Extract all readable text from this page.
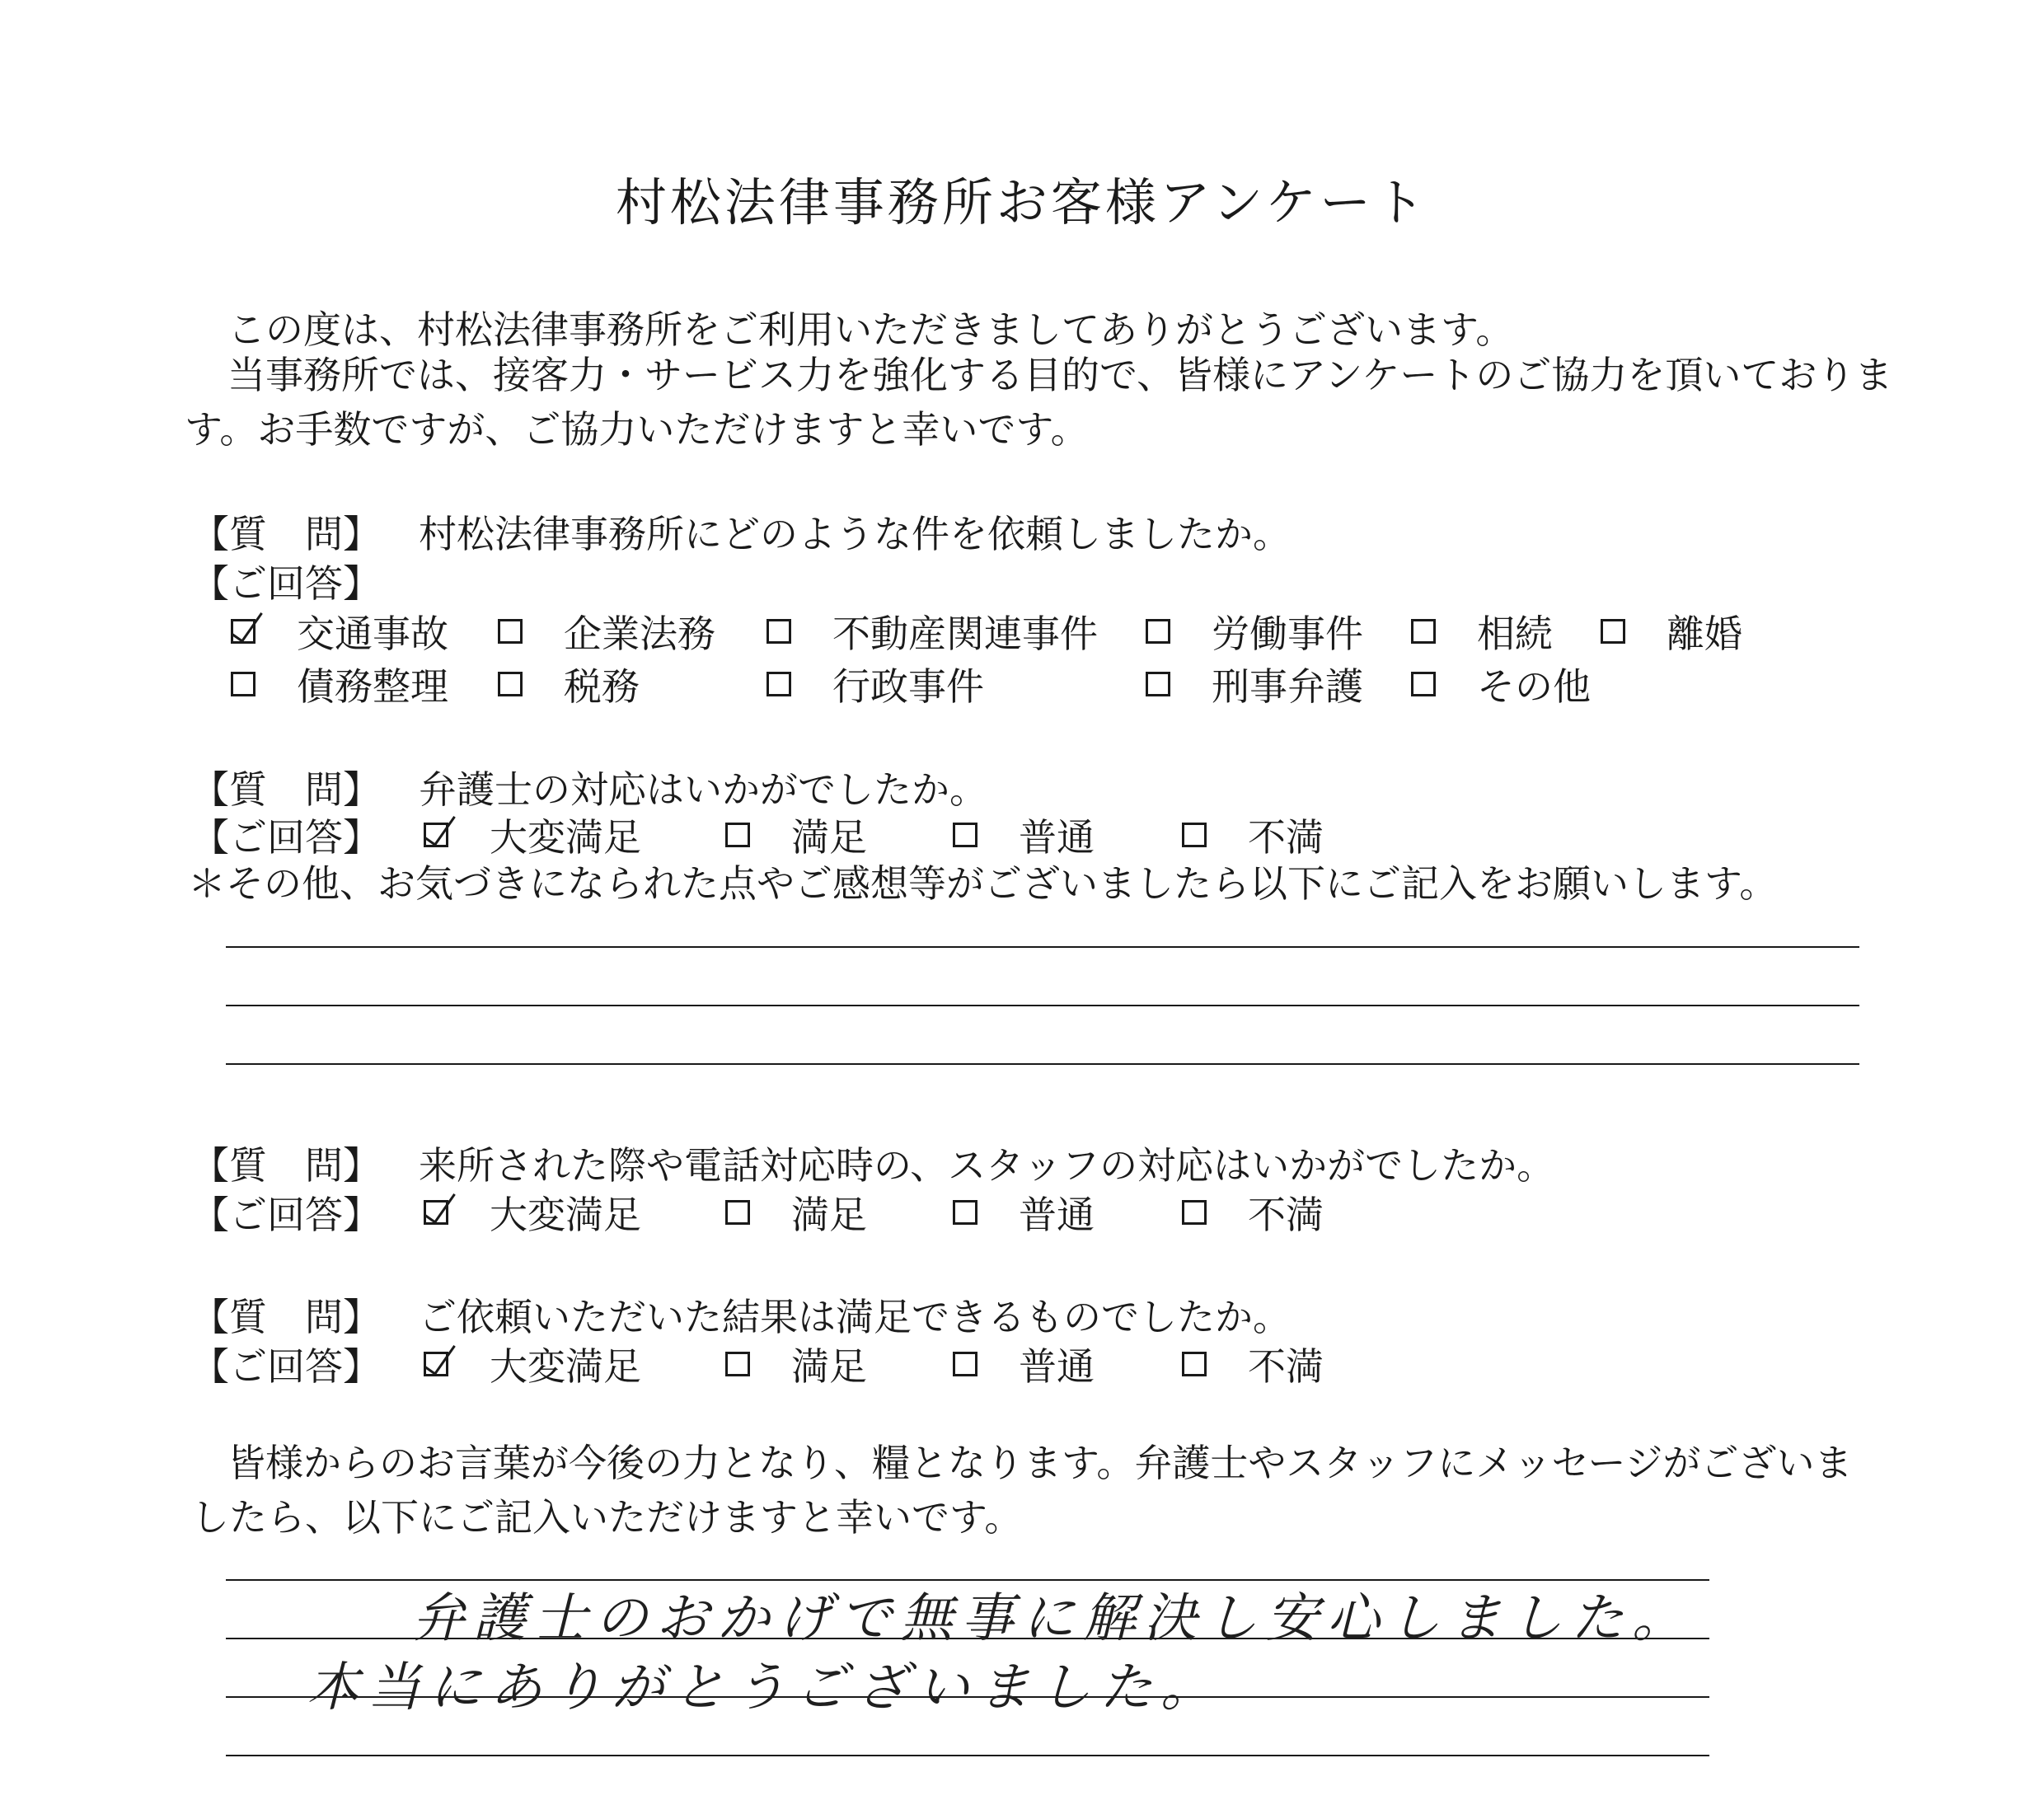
村松法律事務所お客様アンケート
この度は、村松法律事務所をご利用いただきましてありがとうございます。
当事務所では、接客力・サービス力を強化する目的で、皆様にアンケートのご協力を頂いておりま
す。お手数ですが、ご協力いただけますと幸いです。
【質　問】 村松法律事務所にどのような件を依頼しましたか。
【ご回答】
交通事故	企業法務	不動産関連事件	労働事件	相続	離婚
債務整理	税務	行政事件	刑事弁護	その他
【質　問】 弁護士の対応はいかがでしたか。
【ご回答】	大変満足	満足	普通	不満
＊その他、お気づきになられた点やご感想等がございましたら以下にご記入をお願いします。
【質　問】 来所された際や電話対応時の、スタッフの対応はいかがでしたか。
【ご回答】	大変満足	満足	普通	不満
【質　問】 ご依頼いただいた結果は満足できるものでしたか。
【ご回答】	大変満足	満足	普通	不満
皆様からのお言葉が今後の力となり、糧となります。弁護士やスタッフにメッセージがございま
したら、以下にご記入いただけますと幸いです。
弁護士のおかげで無事に解決し安心しました。
本当にありがとうございました。
